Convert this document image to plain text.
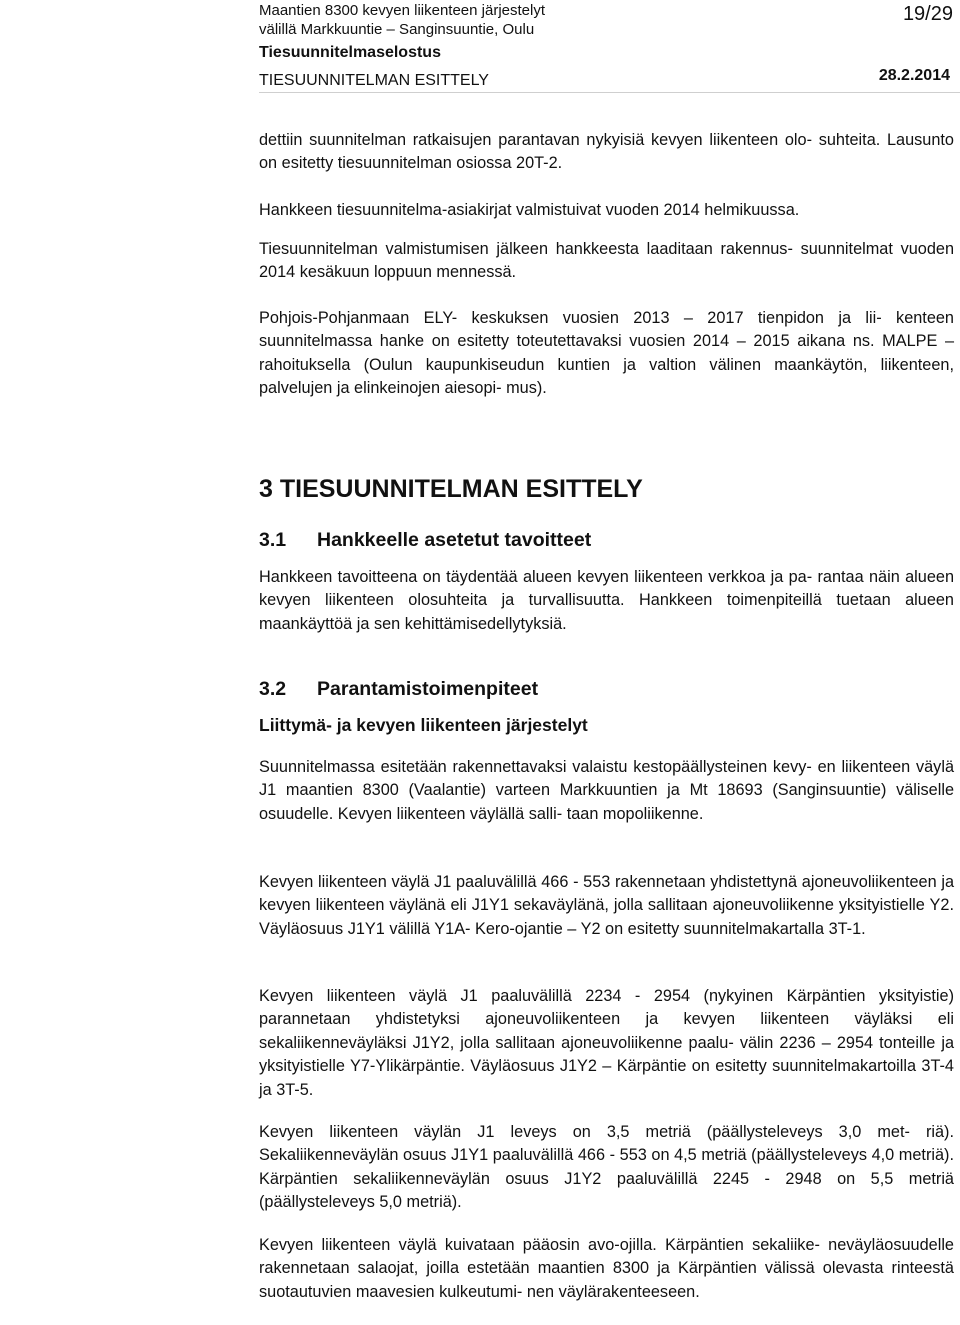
Maantien 8300 kevyen liikenteen järjestelyt
välillä Markkuuntie – Sanginsuuntie, Oulu
Tiesuunnitelmaselostus
TIESUUNNITELMAN ESITTELY
19/29
28.2.2014

dettiin suunnitelman ratkaisujen parantavan nykyisiä kevyen liikenteen olo- suhteita. Lausunto on esitetty tiesuunnitelman osiossa 20T-2.

Hankkeen tiesuunnitelma-asiakirjat valmistuivat vuoden 2014 helmikuussa.

Tiesuunnitelman valmistumisen jälkeen hankkeesta laaditaan rakennus- suunnitelmat vuoden 2014 kesäkuun loppuun mennessä.

Pohjois-Pohjanmaan ELY- keskuksen vuosien 2013 – 2017 tienpidon ja lii- kenteen suunnitelmassa hanke on esitetty toteutettavaksi vuosien 2014 – 2015 aikana ns. MALPE – rahoituksella (Oulun kaupunkiseudun kuntien ja valtion välinen maankäytön, liikenteen, palvelujen ja elinkeinojen aiesopi- mus).

3 TIESUUNNITELMAN ESITTELY
3.1 Hankkeelle asetetut tavoitteet

Hankkeen tavoitteena on täydentää alueen kevyen liikenteen verkkoa ja pa- rantaa näin alueen kevyen liikenteen olosuhteita ja turvallisuutta. Hankkeen toimenpiteillä tuetaan alueen maankäyttöä ja sen kehittämisedellytyksiä.

3.2 Parantamistoimenpiteet
Liittymä- ja kevyen liikenteen järjestelyt

Suunnitelmassa esitetään rakennettavaksi valaistu kestopäällysteinen kevy- en liikenteen väylä J1 maantien 8300 (Vaalantie) varteen Markkuuntien ja Mt 18693 (Sanginsuuntie) väliselle osuudelle. Kevyen liikenteen väylällä salli- taan mopoliikenne.

Kevyen liikenteen väylä J1 paaluvälillä 466 - 553 rakennetaan yhdistettynä ajoneuvoliikenteen ja kevyen liikenteen väylänä eli J1Y1 sekaväylänä, jolla sallitaan ajoneuvoliikenne yksityistielle Y2. Väyläosuus J1Y1 välillä Y1A- Kero-ojantie – Y2 on esitetty suunnitelmakartalla 3T-1.

Kevyen liikenteen väylä J1 paaluvälillä 2234 - 2954 (nykyinen Kärpäntien yksityistie) parannetaan yhdistetyksi ajoneuvoliikenteen ja kevyen liikenteen väyläksi eli sekaliikenneväyläksi J1Y2, jolla sallitaan ajoneuvoliikenne paalu- välin 2236 – 2954 tonteille ja yksityistielle Y7-Ylikärpäntie. Väyläosuus J1Y2 – Kärpäntie on esitetty suunnitelmakartoilla 3T-4 ja 3T-5.

Kevyen liikenteen väylän J1 leveys on 3,5 metriä (päällysteleveys 3,0 met- riä). Sekaliikenneväylän osuus J1Y1 paaluvälillä 466 - 553 on 4,5 metriä (päällysteleveys 4,0 metriä). Kärpäntien sekaliikenneväylän osuus J1Y2 paaluvälillä 2245 - 2948 on 5,5 metriä (päällysteleveys 5,0 metriä).

Kevyen liikenteen väylä kuivataan pääosin avo-ojilla. Kärpäntien sekaliike- neväyläosuudelle rakennetaan salaojat, joilla estetään maantien 8300 ja Kärpäntien välissä olevasta rinteestä suotautuvien maavesien kulkeutumi- nen väylärakenteeseen.
